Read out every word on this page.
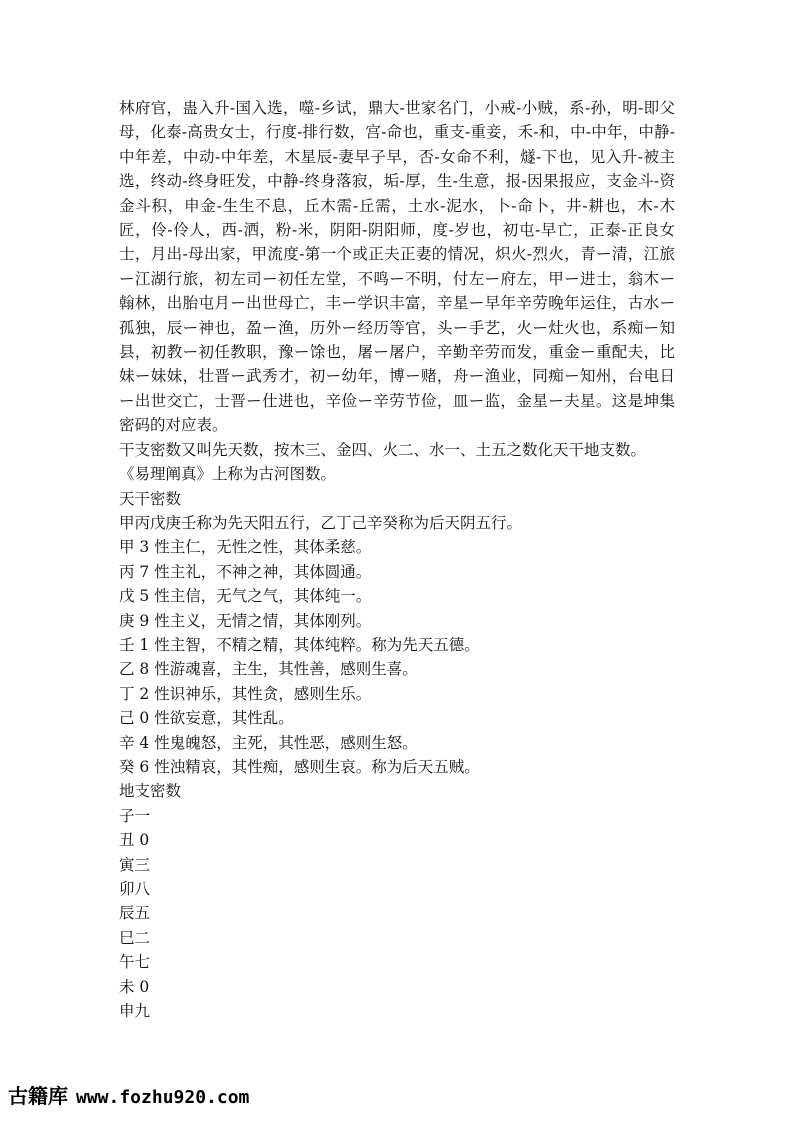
林府官，蛊入升-国入选，噬-乡试，鼎大-世家名门，小戒-小贼，系-孙，明-即父母，化泰-高贵女士，行度-排行数，宫-命也，重支-重妾，禾-和，中-中年，中静-中年差，中动-中年差，木星辰-妻早子早，否-女命不利，燧-下也，见入升-被主选，终动-终身旺发，中静-终身落寂，垢-厚，生-生意，报-因果报应，支金斗-资金斗积，申金-生生不息，丘木需-丘需，土水-泥水，卜-命卜，井-耕也，木-木匠，伶-伶人，西-洒，粉-米，阴阳-阴阳师，度-岁也，初屯-早亡，正泰-正良女士，月出-母出家，甲流度-第一个或正夫正妻的情况，炽火-烈火，青ー清，江旅ー江湖行旅，初左司ー初任左堂，不鸣ー不明，付左ー府左，甲ー进士，翁木ー翰林，出胎屯月ー出世母亡，丰ー学识丰富，辛星ー早年辛劳晚年运住，古水ー孤独，辰ー神也，盈ー渔，历外ー经历等官，头ー手艺，火ー灶火也，系痴ー知县，初教ー初任教职，豫ー馀也，屠ー屠户，辛勤辛劳而发，重金ー重配夫，比妹ー妹妹，壮晋ー武秀才，初ー幼年，博ー赌，舟ー渔业，同痴ー知州，台电日ー出世交亡，士晋ー仕进也，辛俭ー辛劳节俭，皿ー监，金星ー夫星。这是坤集密码的对应表。

干支密数又叫先天数，按木三、金四、火二、水一、土五之数化天干地支数。

《易理阐真》上称为古河图数。

天干密数

甲丙戊庚壬称为先天阳五行，乙丁己辛癸称为后天阴五行。

甲 3 性主仁，无性之性，其体柔慈。

丙 7 性主礼，不神之神，其体圆通。

戊 5 性主信，无气之气，其体纯一。

庚 9 性主义，无情之情，其体刚列。

壬 1 性主智，不精之精，其体纯粹。称为先天五德。

乙 8 性游魂喜，主生，其性善，感则生喜。

丁 2 性识神乐，其性贪，感则生乐。

己 0 性欲妄意，其性乱。

辛 4 性鬼魄怒，主死，其性恶，感则生怒。

癸 6 性浊精哀，其性痴，感则生哀。称为后天五贼。

地支密数

子一

丑 0

寅三

卯八

辰五

巳二

午七

未 0

申九

古籍库 www.fozhu920.com
